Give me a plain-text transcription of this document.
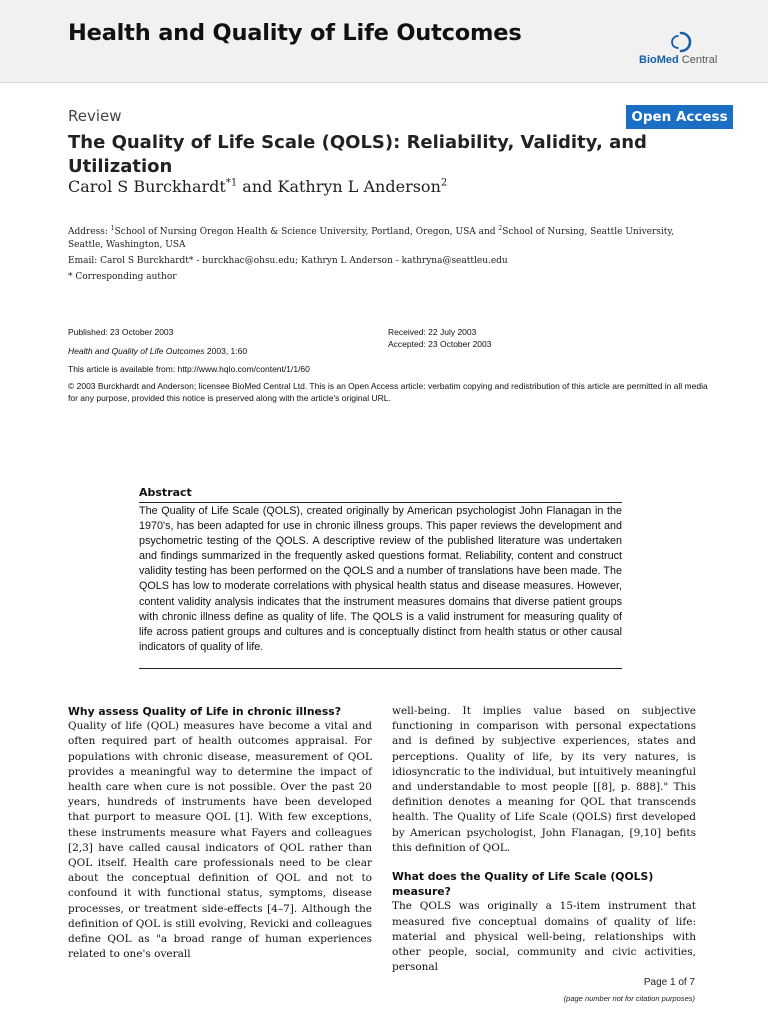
Health and Quality of Life Outcomes
BioMed Central
Review	Open Access
The Quality of Life Scale (QOLS): Reliability, Validity, and Utilization
Carol S Burckhardt$^{*1}$ and Kathryn L Anderson$^2$
Address: $^1$School of Nursing Oregon Health & Science University, Portland, Oregon, USA and $^2$School of Nursing, Seattle University, Seattle, Washington, USA
Email: Carol S Burckhardt* - burckhac@ohsu.edu; Kathryn L Anderson - kathryna@seattleu.edu
* Corresponding author
Published: 23 October 2003
Health and Quality of Life Outcomes 2003, 1:60
Received: 22 July 2003
Accepted: 23 October 2003
This article is available from: http://www.hqlo.com/content/1/1/60
© 2003 Burckhardt and Anderson; licensee BioMed Central Ltd. This is an Open Access article: verbatim copying and redistribution of this article are permitted in all media for any purpose, provided this notice is preserved along with the article's original URL.
Abstract

The Quality of Life Scale (QOLS), created originally by American psychologist John Flanagan in the 1970's, has been adapted for use in chronic illness groups. This paper reviews the development and psychometric testing of the QOLS. A descriptive review of the published literature was undertaken and findings summarized in the frequently asked questions format. Reliability, content and construct validity testing has been performed on the QOLS and a number of translations have been made. The QOLS has low to moderate correlations with physical health status and disease measures. However, content validity analysis indicates that the instrument measures domains that diverse patient groups with chronic illness define as quality of life. The QOLS is a valid instrument for measuring quality of life across patient groups and cultures and is conceptually distinct from health status or other causal indicators of quality of life.

Why assess Quality of Life in chronic illness?

Quality of life (QOL) measures have become a vital and often required part of health outcomes appraisal. For populations with chronic disease, measurement of QOL provides a meaningful way to determine the impact of health care when cure is not possible. Over the past 20 years, hundreds of instruments have been developed that purport to measure QOL [1]. With few exceptions, these instruments measure what Fayers and colleagues [2,3] have called causal indicators of QOL rather than QOL itself. Health care professionals need to be clear about the conceptual definition of QOL and not to confound it with functional status, symptoms, disease processes, or treatment side-effects [4–7]. Although the definition of QOL is still evolving, Revicki and colleagues define QOL as "a broad range of human experiences related to one's overall

well-being. It implies value based on subjective functioning in comparison with personal expectations and is defined by subjective experiences, states and perceptions. Quality of life, by its very natures, is idiosyncratic to the individual, but intuitively meaningful and understandable to most people [[8], p. 888]." This definition denotes a meaning for QOL that transcends health. The Quality of Life Scale (QOLS) first developed by American psychologist, John Flanagan, [9,10] befits this definition of QOL.

What does the Quality of Life Scale (QOLS) measure?

The QOLS was originally a 15-item instrument that measured five conceptual domains of quality of life: material and physical well-being, relationships with other people, social, community and civic activities, personal

Page 1 of 7
(page number not for citation purposes)
